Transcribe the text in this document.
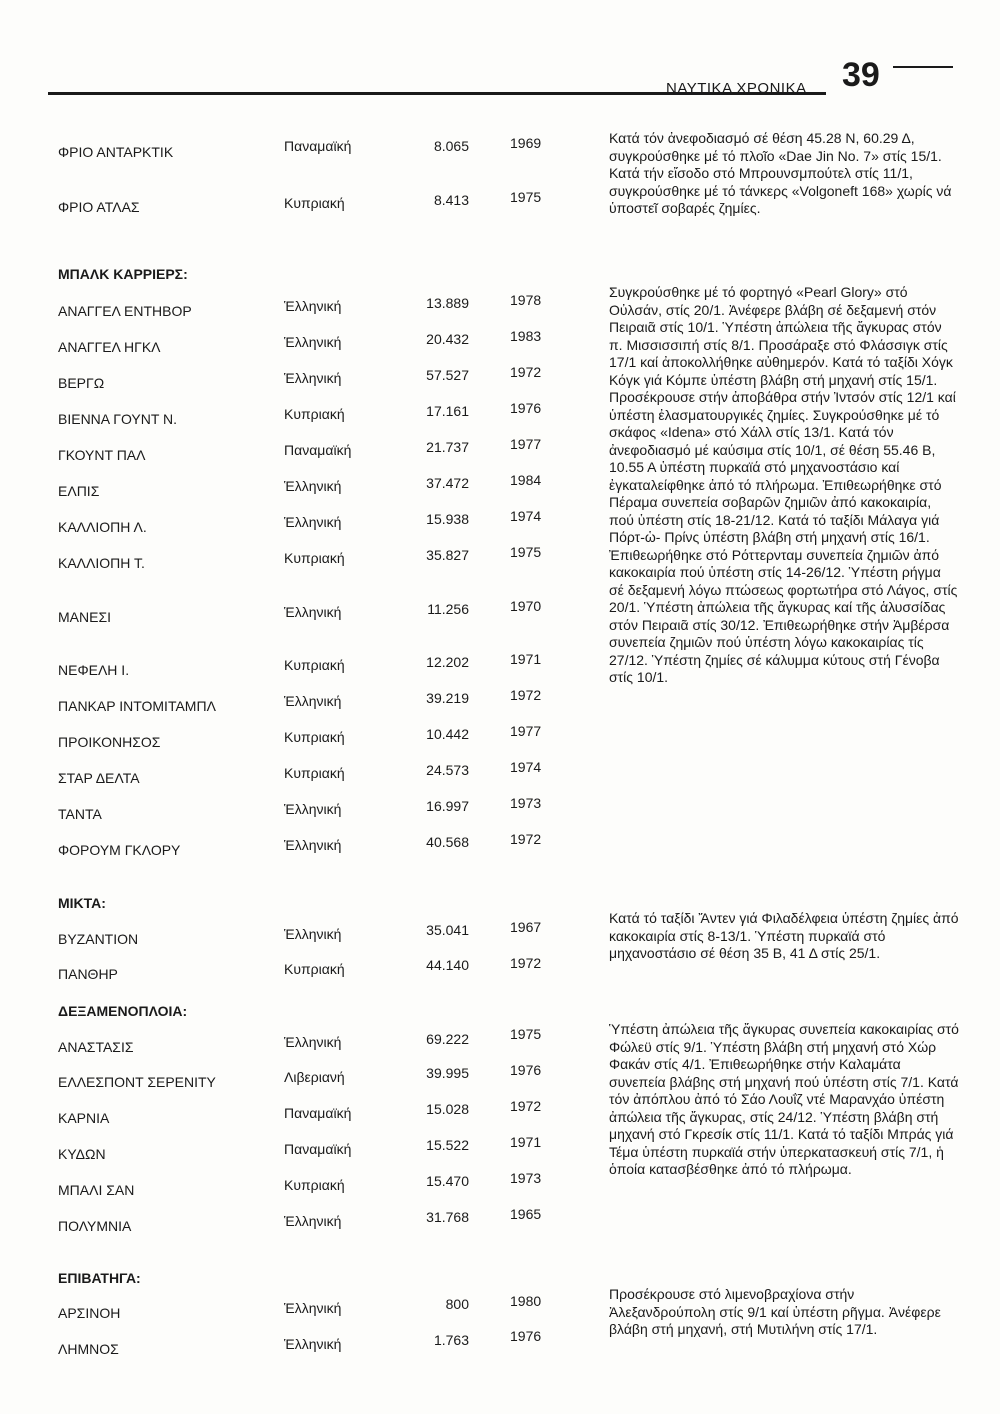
ΝΑΥΤΙΚΑ ΧΡΟΝΙΚΑ 39
ΦΡΙΟ ΑΝΤΑΡΚΤΙΚ	Παναμαϊκή	8.065	1969
ΦΡΙΟ ΑΤΛΑΣ	Κυπριακή	8.413	1975
Κατά τόν ἀνεφοδιασμό σέ θέση 45.28 Ν, 60.29 Δ, συγκρούσθηκε μέ τό πλοῖο «Dae Jin No. 7» στίς 15/1. Κατά τήν εἴσοδο στό Μπρουνσμπούτελ στίς 11/1, συγκρούσθηκε μέ τό τάνκερς «Volgoneft 168» χωρίς νά ὑποστεῖ σοβαρές ζημίες.
ΜΠΑΛΚ ΚΑΡΡΙΕΡΣ:
ΑΝΑΓΓΕΛ ΕΝΤΗΒΟΡ	Ἑλληνική	13.889	1978
ΑΝΑΓΓΕΛ ΗΓΚΛ	Ἑλληνική	20.432	1983
ΒΕΡΓΩ	Ἑλληνική	57.527	1972
ΒΙΕΝΝΑ ΓΟΥΝΤ Ν.	Κυπριακή	17.161	1976
ΓΚΟΥΝΤ ΠΑΛ	Παναμαϊκή	21.737	1977
ΕΛΠΙΣ	Ἑλληνική	37.472	1984
ΚΑΛΛΙΟΠΗ Λ.	Ἑλληνική	15.938	1974
ΚΑΛΛΙΟΠΗ Τ.	Κυπριακή	35.827	1975
ΜΑΝΕΣΙ	Ἑλληνική	11.256	1970
ΝΕΦΕΛΗ Ι.	Κυπριακή	12.202	1971
ΠΑΝΚΑΡ ΙΝΤΟΜΙΤΑΜΠΛ	Ἑλληνική	39.219	1972
ΠΡΟΙΚΟΝΗΣΟΣ	Κυπριακή	10.442	1977
ΣΤΑΡ ΔΕΛΤΑ	Κυπριακή	24.573	1974
ΤΑΝΤΑ	Ἑλληνική	16.997	1973
ΦΟΡΟΥΜ ΓΚΛΟΡΥ	Ἑλληνική	40.568	1972
Συγκρούσθηκε μέ τό φορτηγό «Pearl Glory» στό Οὐλσάν, στίς 20/1. Ἀνέφερε βλάβη σέ δεξαμενή στόν Πειραιᾶ στίς 10/1. Ὑπέστη ἀπώλεια τῆς ἄγκυρας στόν π. Μισσισσιπή στίς 8/1. Προσάραξε στό Φλάσσιγκ στίς 17/1 καί ἀποκολλήθηκε αὐθημερόν. Κατά τό ταξίδι Χόγκ Κόγκ γιά Κόμπε ὑπέστη βλάβη στή μηχανή στίς 15/1. Προσέκρουσε στήν ἀποβάθρα στήν Ἰντσόν στίς 12/1 καί ὑπέστη ἐλασματουργικές ζημίες. Συγκρούσθηκε μέ τό σκάφος «Idena» στό Χάλλ στίς 13/1. Κατά τόν ἀνεφοδιασμό μέ καύσιμα στίς 10/1, σέ θέση 55.46 Β, 10.55 Α ὑπέστη πυρκαϊά στό μηχανοστάσιο καί ἐγκαταλείφθηκε ἀπό τό πλήρωμα. Ἐπιθεωρήθηκε στό Πέραμα συνεπεία σοβαρῶν ζημιῶν ἀπό κακοκαιρία, πού ὑπέστη στίς 18-21/12. Κατά τό ταξίδι Μάλαγα γιά Πόρτ-ὡ- Πρίνς ὑπέστη βλάβη στή μηχανή στίς 16/1. Ἐπιθεωρήθηκε στό Ρόττερνταμ συνεπεία ζημιῶν ἀπό κακοκαιρία πού ὑπέστη στίς 14-26/12. Ὑπέστη ρήγμα σέ δεξαμενή λόγω πτώσεως φορτωτήρα στό Λάγος, στίς 20/1. Ὑπέστη ἀπώλεια τῆς ἄγκυρας καί τῆς ἁλυσσίδας στόν Πειραιᾶ στίς 30/12. Ἐπιθεωρήθηκε στήν Ἀμβέρσα συνεπεία ζημιῶν πού ὑπέστη λόγω κακοκαιρίας τίς 27/12. Ὑπέστη ζημίες σέ κάλυμμα κύτους στή Γένοβα στίς 10/1.
ΜΙΚΤΑ:
ΒΥΖΑΝΤΙΟΝ	Ἑλληνική	35.041	1967
ΠΑΝΘΗΡ	Κυπριακή	44.140	1972
Κατά τό ταξίδι Ἄντεν γιά Φιλαδέλφεια ὑπέστη ζημίες ἀπό κακοκαιρία στίς 8-13/1. Ὑπέστη πυρκαϊά στό μηχανοστάσιο σέ θέση 35 Β, 41 Δ στίς 25/1.
ΔΕΞΑΜΕΝΟΠΛΟΙΑ:
ΑΝΑΣΤΑΣΙΣ	Ἑλληνική	69.222	1975
ΕΛΛΕΣΠΟΝΤ ΣΕΡΕΝΙΤΥ	Λιβεριανή	39.995	1976
ΚΑΡΝΙΑ	Παναμαϊκή	15.028	1972
ΚΥΔΩΝ	Παναμαϊκή	15.522	1971
ΜΠΑΛΙ ΣΑΝ	Κυπριακή	15.470	1973
ΠΟΛΥΜΝΙΑ	Ἑλληνική	31.768	1965
Ὑπέστη ἀπώλεια τῆς ἄγκυρας συνεπεία κακοκαιρίας στό Φώλεϋ στίς 9/1. Ὑπέστη βλάβη στή μηχανή στό Χώρ Φακάν στίς 4/1. Ἐπιθεωρήθηκε στήν Καλαμάτα συνεπεία βλάβης στή μηχανή πού ὑπέστη στίς 7/1. Κατά τόν ἀπόπλου ἀπό τό Σάο Λουΐζ ντέ Μαρανχάο ὑπέστη ἀπώλεια τῆς ἄγκυρας, στίς 24/12. Ὑπέστη βλάβη στή μηχανή στό Γκρεσίκ στίς 11/1. Κατά τό ταξίδι Μπράς γιά Τέμα ὑπέστη πυρκαϊά στήν ὑπερκατασκευή στίς 7/1, ἡ ὁποία κατασβέσθηκε ἀπό τό πλήρωμα.
ΕΠΙΒΑΤΗΓΑ:
ΑΡΣΙΝΟΗ	Ἑλληνική	800	1980
ΛΗΜΝΟΣ	Ἑλληνική	1.763	1976
Προσέκρουσε στό λιμενοβραχίονα στήν Ἀλεξανδρούπολη στίς 9/1 καί ὑπέστη ρῆγμα. Ἀνέφερε βλάβη στή μηχανή, στή Μυτιλήνη στίς 17/1.
